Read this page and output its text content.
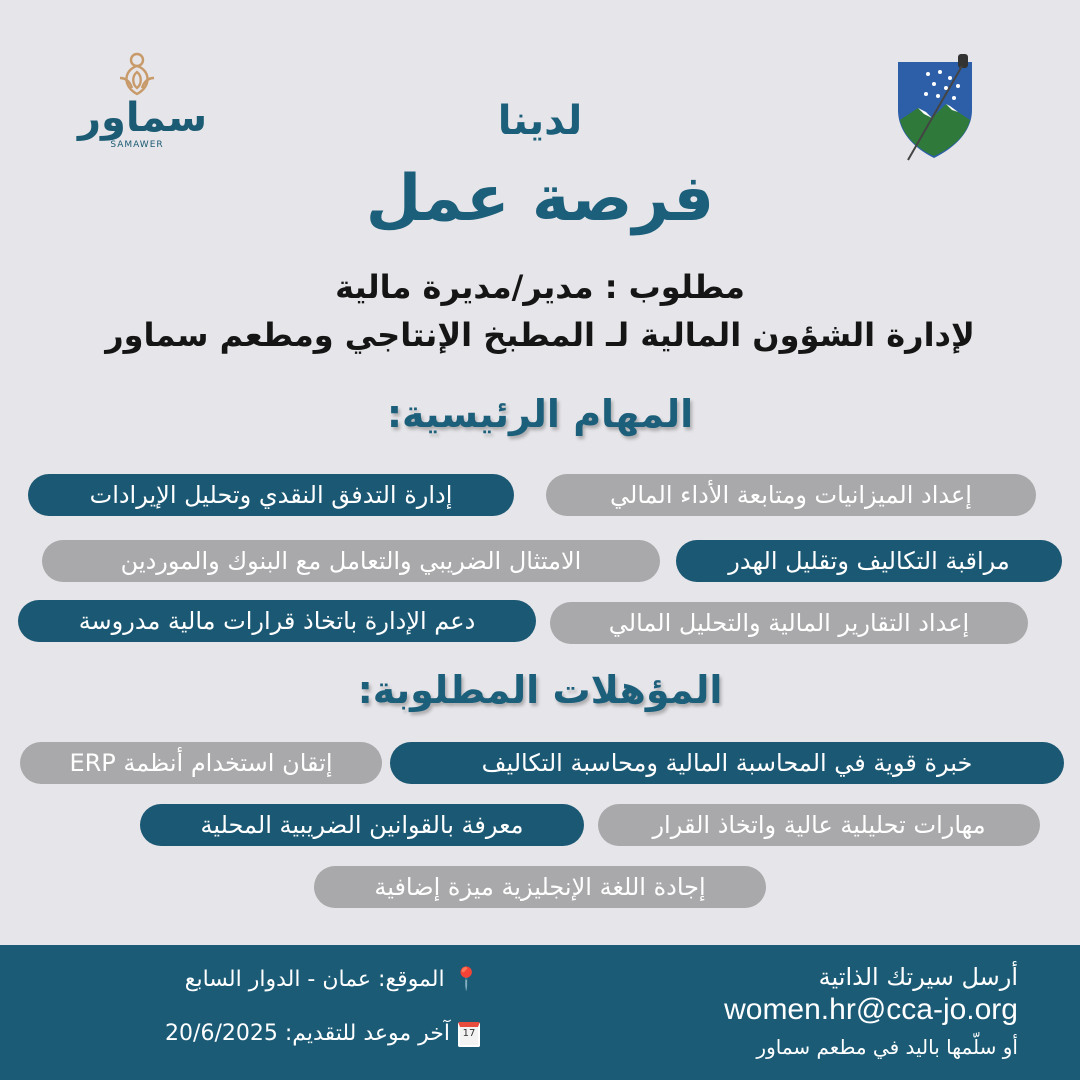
سماور
SAMAWER
لدينا
فرصة عمل
مطلوب : مدير/مديرة مالية
لإدارة الشؤون المالية لـ المطبخ الإنتاجي ومطعم سماور
المهام الرئيسية:
إعداد الميزانيات ومتابعة الأداء المالي
إدارة التدفق النقدي وتحليل الإيرادات
مراقبة التكاليف وتقليل الهدر
الامتثال الضريبي والتعامل مع البنوك والموردين
إعداد التقارير المالية والتحليل المالي
دعم الإدارة باتخاذ قرارات مالية مدروسة
المؤهلات المطلوبة:
خبرة قوية في المحاسبة المالية ومحاسبة التكاليف
إتقان استخدام أنظمة ERP
مهارات تحليلية عالية واتخاذ القرار
معرفة بالقوانين الضريبية المحلية
إجادة اللغة الإنجليزية ميزة إضافية
أرسل سيرتك الذاتية
women.hr@cca-jo.org
أو سلّمها باليد في مطعم سماور
📍الموقع: عمان - الدوار السابع
17آخر موعد للتقديم: 20/6/2025
